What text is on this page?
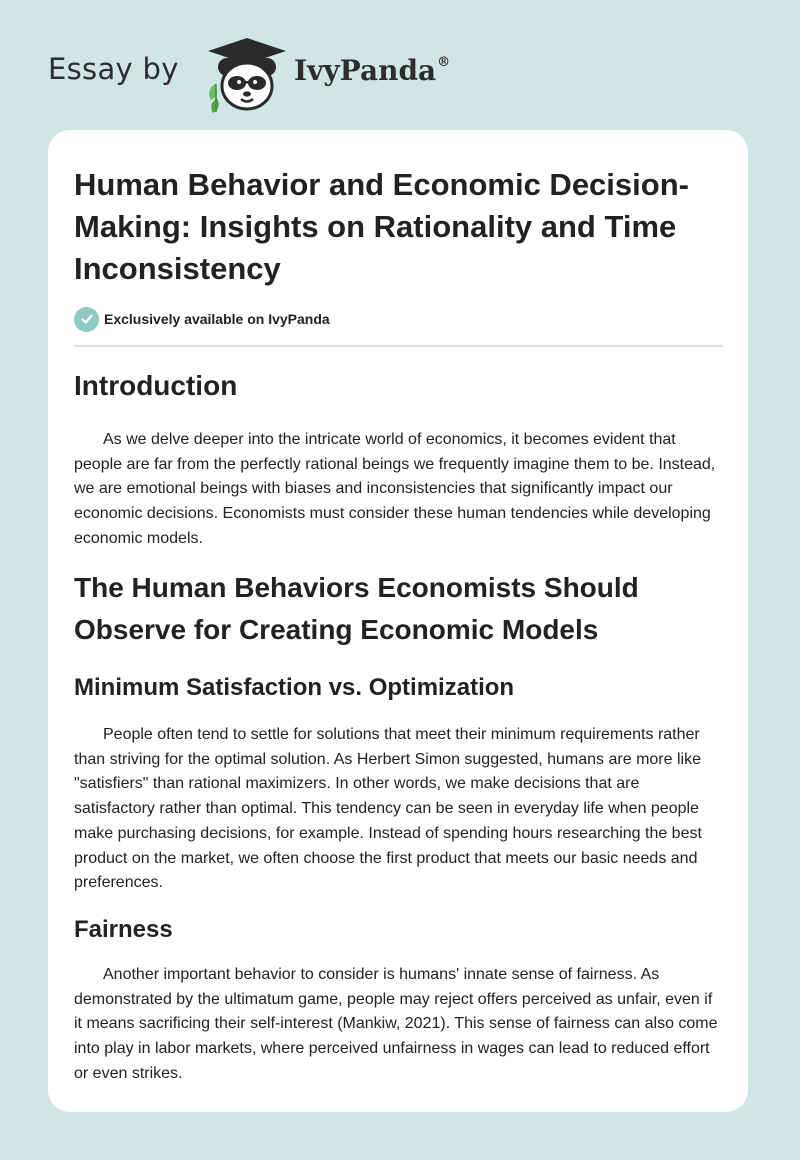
Essay by	IvyPanda®
Human Behavior and Economic Decision-Making: Insights on Rationality and Time Inconsistency
Exclusively available on IvyPanda
Introduction

As we delve deeper into the intricate world of economics, it becomes evident that people are far from the perfectly rational beings we frequently imagine them to be. Instead, we are emotional beings with biases and inconsistencies that significantly impact our economic decisions. Economists must consider these human tendencies while developing economic models.

The Human Behaviors Economists Should Observe for Creating Economic Models
Minimum Satisfaction vs. Optimization

People often tend to settle for solutions that meet their minimum requirements rather than striving for the optimal solution. As Herbert Simon suggested, humans are more like "satisfiers" than rational maximizers. In other words, we make decisions that are satisfactory rather than optimal. This tendency can be seen in everyday life when people make purchasing decisions, for example. Instead of spending hours researching the best product on the market, we often choose the first product that meets our basic needs and preferences.

Fairness

Another important behavior to consider is humans' innate sense of fairness. As demonstrated by the ultimatum game, people may reject offers perceived as unfair, even if it means sacrificing their self-interest (Mankiw, 2021). This sense of fairness can also come into play in labor markets, where perceived unfairness in wages can lead to reduced effort or even strikes.
